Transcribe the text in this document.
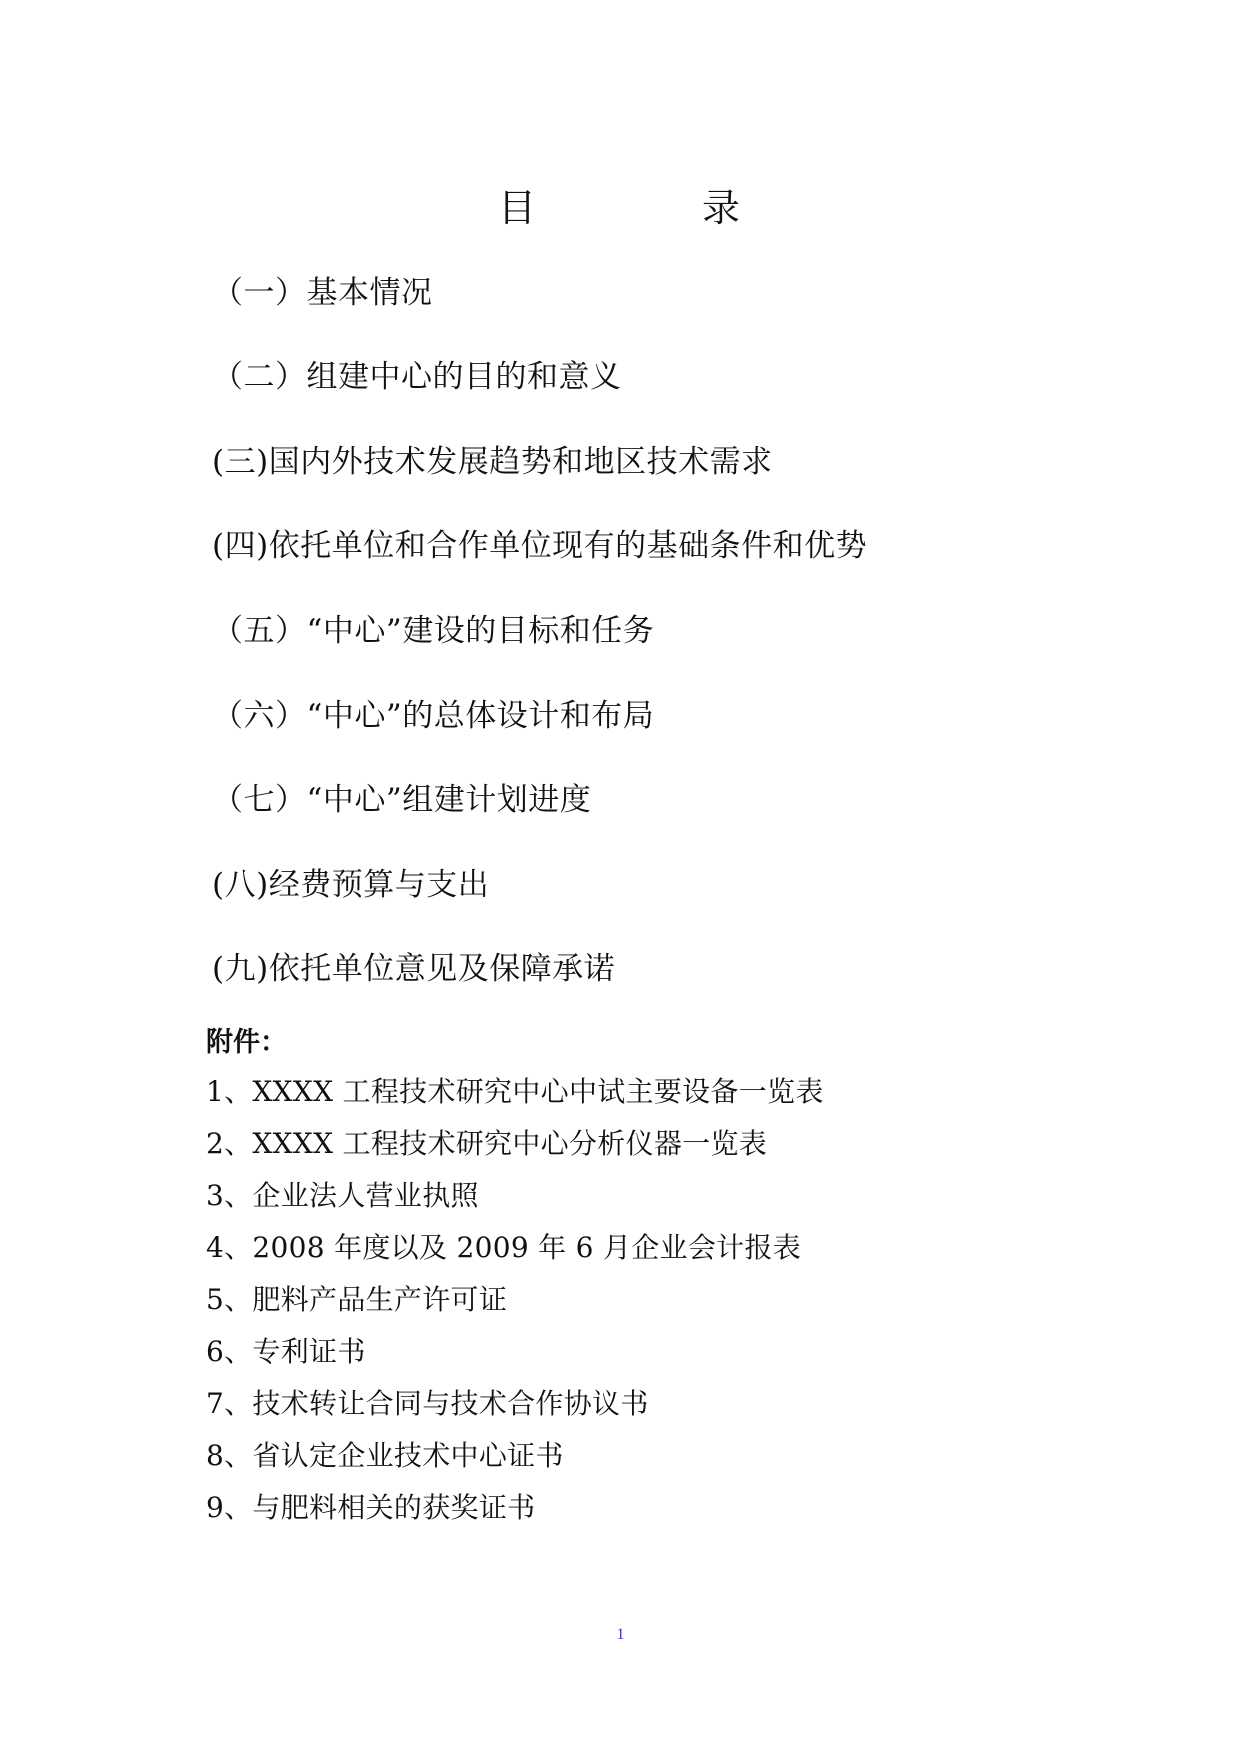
目	录
（一）基本情况
（二）组建中心的目的和意义
(三)国内外技术发展趋势和地区技术需求
(四)依托单位和合作单位现有的基础条件和优势
（五）“中心”建设的目标和任务
（六）“中心”的总体设计和布局
（七）“中心”组建计划进度
(八)经费预算与支出
(九)依托单位意见及保障承诺
附件：
1、XXXX 工程技术研究中心中试主要设备一览表
2、XXXX 工程技术研究中心分析仪器一览表
3、企业法人营业执照
4、2008 年度以及 2009 年 6 月企业会计报表
5、肥料产品生产许可证
6、专利证书
7、技术转让合同与技术合作协议书
8、省认定企业技术中心证书
9、与肥料相关的获奖证书
1
